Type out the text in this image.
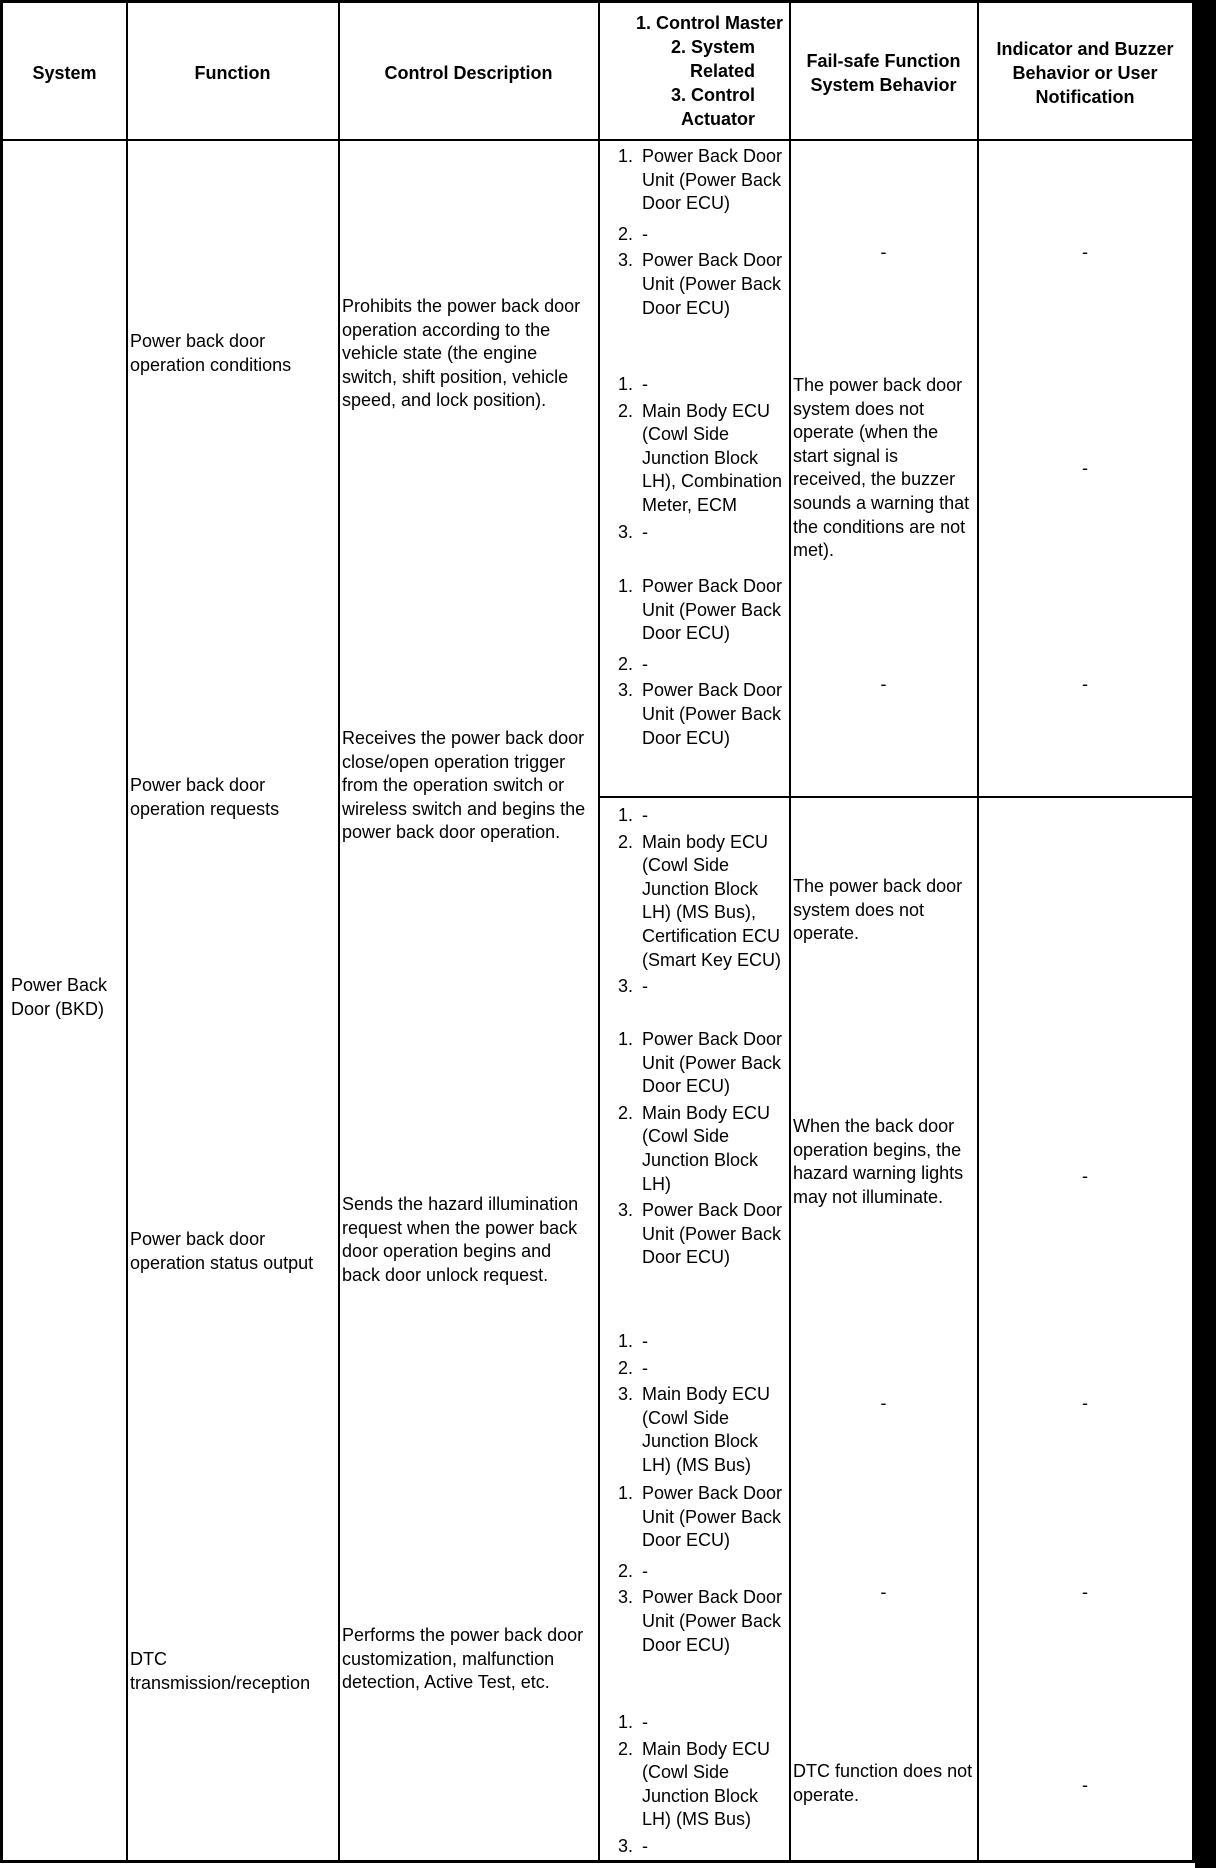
System	Function	Control Description
1. Control Master
2. System
Related
3. Control
Actuator
Fail-safe Function System Behavior
Indicator and Buzzer Behavior or User Notification
Power Back Door (BKD)
Power back door operation conditions
Power back door operation requests
Power back door operation status output
DTC transmission/reception
Prohibits the power back door operation according to the vehicle state (the engine switch, shift position, vehicle speed, and lock position).
Receives the power back door close/open operation trigger from the operation switch or wireless switch and begins the power back door operation.
Sends the hazard illumination request when the power back door operation begins and back door unlock request.
Performs the power back door customization, malfunction detection, Active Test, etc.
1. Power Back Door Unit (Power Back Door ECU)
2. -
3. Power Back Door Unit (Power Back Door ECU)
1. -
2. Main Body ECU (Cowl Side Junction Block LH), Combination Meter, ECM
3. -
1. Power Back Door Unit (Power Back Door ECU)
2. -
3. Power Back Door Unit (Power Back Door ECU)
1. -
2. Main body ECU (Cowl Side Junction Block LH) (MS Bus), Certification ECU (Smart Key ECU)
3. -
1. Power Back Door Unit (Power Back Door ECU)
2. Main Body ECU (Cowl Side Junction Block LH)
3. Power Back Door Unit (Power Back Door ECU)
1. -
2. -
3. Main Body ECU (Cowl Side Junction Block LH) (MS Bus)
1. Power Back Door Unit (Power Back Door ECU)
2. -
3. Power Back Door Unit (Power Back Door ECU)
1. -
2. Main Body ECU (Cowl Side Junction Block LH) (MS Bus)
3. -
-
The power back door system does not operate (when the start signal is received, the buzzer sounds a warning that the conditions are not met).
-
The power back door system does not operate.
When the back door operation begins, the hazard warning lights may not illuminate.
-
-
DTC function does not operate.
-
-
-
-
-
-
-
